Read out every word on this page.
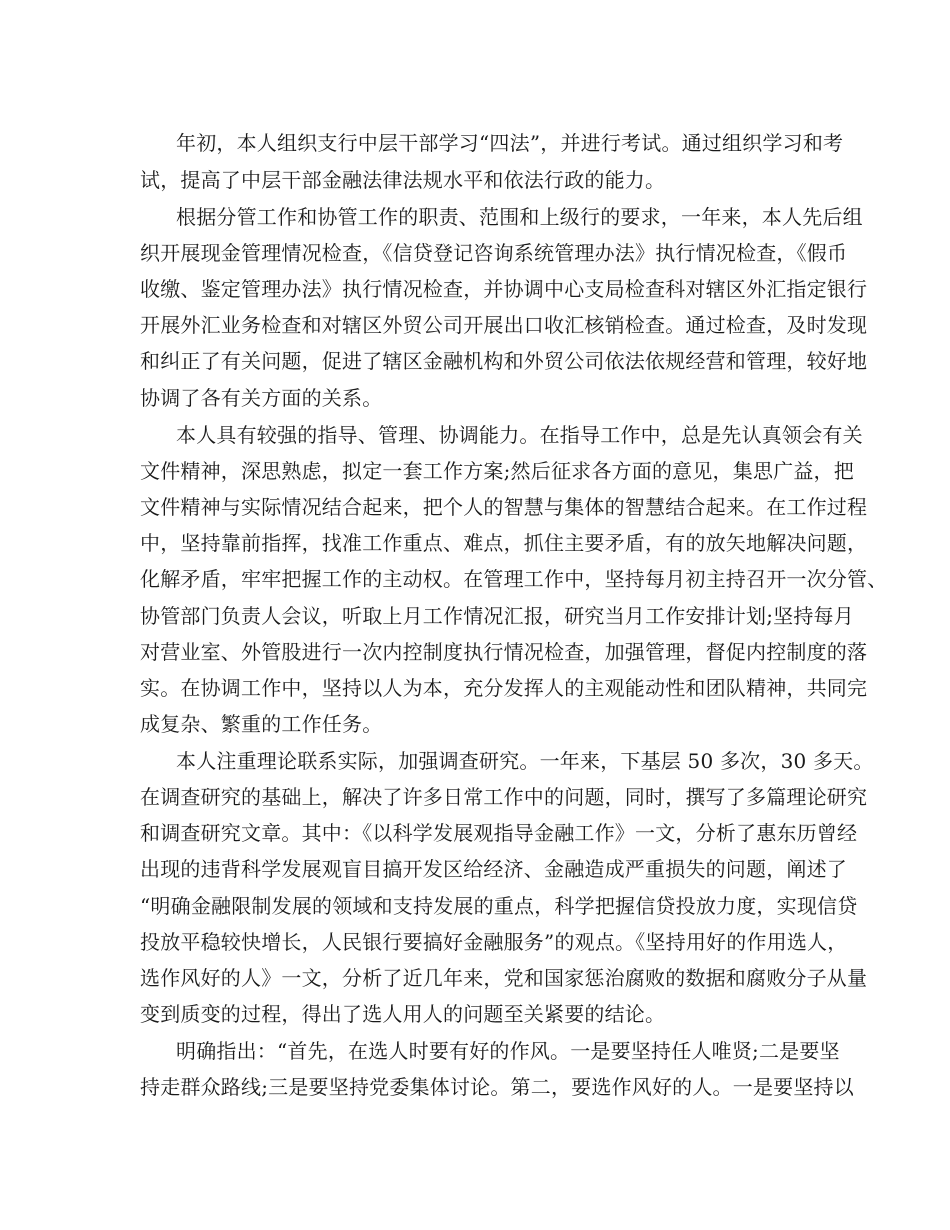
年初，本人组织支行中层干部学习“四法”，并进行考试。通过组织学习和考
试，提高了中层干部金融法律法规水平和依法行政的能力。
根据分管工作和协管工作的职责、范围和上级行的要求，一年来，本人先后组
织开展现金管理情况检查，《信贷登记咨询系统管理办法》执行情况检查，《假币
收缴、鉴定管理办法》执行情况检查，并协调中心支局检查科对辖区外汇指定银行
开展外汇业务检查和对辖区外贸公司开展出口收汇核销检查。通过检查，及时发现
和纠正了有关问题，促进了辖区金融机构和外贸公司依法依规经营和管理，较好地
协调了各有关方面的关系。
本人具有较强的指导、管理、协调能力。在指导工作中，总是先认真领会有关
文件精神，深思熟虑，拟定一套工作方案;然后征求各方面的意见，集思广益，把
文件精神与实际情况结合起来，把个人的智慧与集体的智慧结合起来。在工作过程
中，坚持靠前指挥，找准工作重点、难点，抓住主要矛盾，有的放矢地解决问题，
化解矛盾，牢牢把握工作的主动权。在管理工作中，坚持每月初主持召开一次分管、
协管部门负责人会议，听取上月工作情况汇报，研究当月工作安排计划;坚持每月
对营业室、外管股进行一次内控制度执行情况检查，加强管理，督促内控制度的落
实。在协调工作中，坚持以人为本，充分发挥人的主观能动性和团队精神，共同完
成复杂、繁重的工作任务。
本人注重理论联系实际，加强调查研究。一年来，下基层 50 多次，30 多天。
在调查研究的基础上，解决了许多日常工作中的问题，同时，撰写了多篇理论研究
和调查研究文章。其中：《以科学发展观指导金融工作》一文，分析了惠东历曾经
出现的违背科学发展观盲目搞开发区给经济、金融造成严重损失的问题，阐述了
“明确金融限制发展的领域和支持发展的重点，科学把握信贷投放力度，实现信贷
投放平稳较快增长，人民银行要搞好金融服务”的观点。《坚持用好的作用选人，
选作风好的人》一文，分析了近几年来，党和国家惩治腐败的数据和腐败分子从量
变到质变的过程，得出了选人用人的问题至关紧要的结论。
明确指出：“首先，在选人时要有好的作风。一是要坚持任人唯贤;二是要坚
持走群众路线;三是要坚持党委集体讨论。第二，要选作风好的人。一是要坚持以
